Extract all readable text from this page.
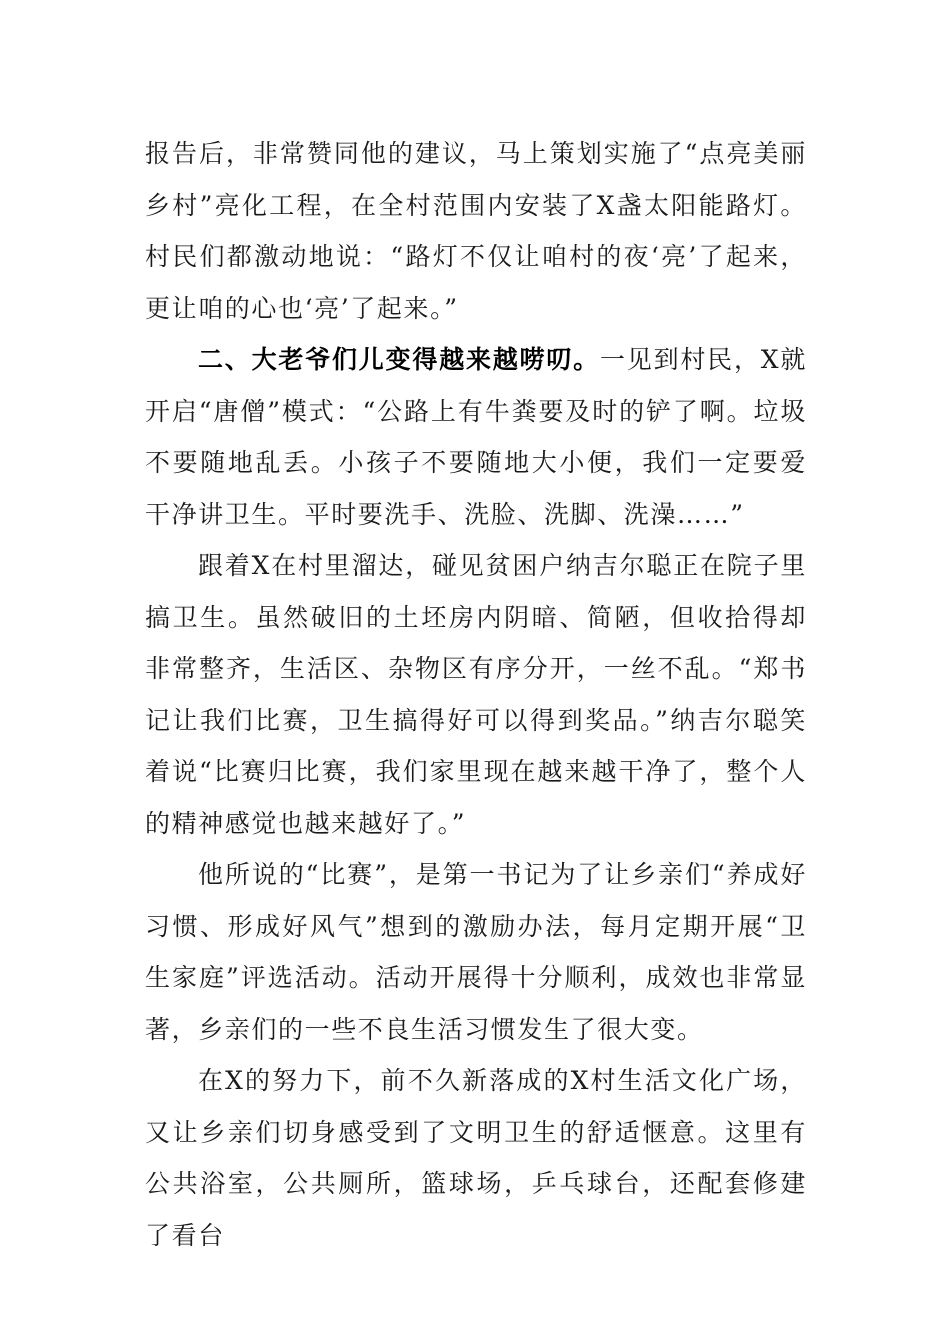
报告后，非常赞同他的建议，马上策划实施了“点亮美丽乡村”亮化工程，在全村范围内安装了X盏太阳能路灯。村民们都激动地说：“路灯不仅让咱村的夜‘亮’了起来，更让咱的心也‘亮’了起来。”

二、大老爷们儿变得越来越唠叨。一见到村民，X就开启“唐僧”模式：“公路上有牛粪要及时的铲了啊。垃圾不要随地乱丢。小孩子不要随地大小便，我们一定要爱干净讲卫生。平时要洗手、洗脸、洗脚、洗澡……”

跟着X在村里溜达，碰见贫困户纳吉尔聪正在院子里搞卫生。虽然破旧的土坯房内阴暗、简陋，但收拾得却非常整齐，生活区、杂物区有序分开，一丝不乱。“郑书记让我们比赛，卫生搞得好可以得到奖品。”纳吉尔聪笑着说“比赛归比赛，我们家里现在越来越干净了，整个人的精神感觉也越来越好了。”

他所说的“比赛”，是第一书记为了让乡亲们“养成好习惯、形成好风气”想到的激励办法，每月定期开展“卫生家庭”评选活动。活动开展得十分顺利，成效也非常显著，乡亲们的一些不良生活习惯发生了很大变。

在X的努力下，前不久新落成的X村生活文化广场，又让乡亲们切身感受到了文明卫生的舒适惬意。这里有公共浴室，公共厕所，篮球场，乒乓球台，还配套修建了看台
